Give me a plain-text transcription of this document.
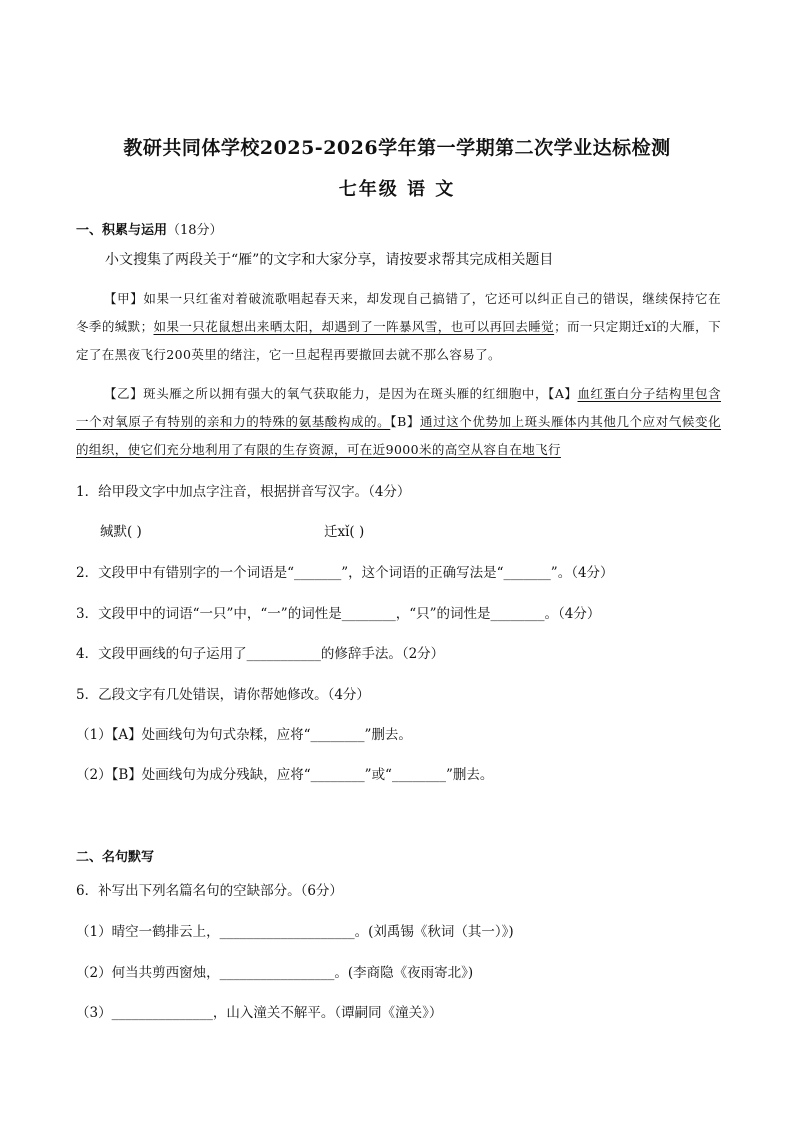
教研共同体学校2025-2026学年第一学期第二次学业达标检测
七年级 语 文
一、积累与运用（18分）
小文搜集了两段关于“雁”的文字和大家分享，请按要求帮其完成相关题目
【甲】如果一只红雀对着破流歌唱起春天来，却发现自己搞错了，它还可以纠正自己的错误，继续保持它在冬季的缄默；如果一只花鼠想出来晒太阳，却遇到了一阵暴风雪，也可以再回去睡觉；而一只定期迁xǐ的大雁，下定了在黑夜飞行200英里的绪注，它一旦起程再要撤回去就不那么容易了。
【乙】斑头雁之所以拥有强大的氧气获取能力，是因为在斑头雁的红细胞中，【A】血红蛋白分子结构里包含一个对氧原子有特别的亲和力的特殊的氨基酸构成的。【B】通过这个优势加上斑头雁体内其他几个应对气候变化的组织，使它们充分地利用了有限的生存资源，可在近9000米的高空从容自在地飞行
1．给甲段文字中加点字注音，根据拼音写汉字。（4分）
缄默( )	迁xǐ( )
2．文段甲中有错别字的一个词语是“_______”，这个词语的正确写法是“_______”。（4分）
3．文段甲中的词语“一只”中，“一”的词性是________，“只”的词性是________。（4分）
4．文段甲画线的句子运用了___________的修辞手法。（2分）
5．乙段文字有几处错误，请你帮她修改。（4分）
（1）【A】处画线句为句式杂糅，应将“________”删去。
（2）【B】处画线句为成分残缺，应将“________”或“________”删去。
二、名句默写
6．补写出下列名篇名句的空缺部分。（6分）
（1）晴空一鹤排云上，____________________。(刘禹锡《秋词（其一）》)
（2）何当共剪西窗烛，_________________。(李商隐《夜雨寄北》)
（3）_______________，山入潼关不解平。（谭嗣同《潼关》）
